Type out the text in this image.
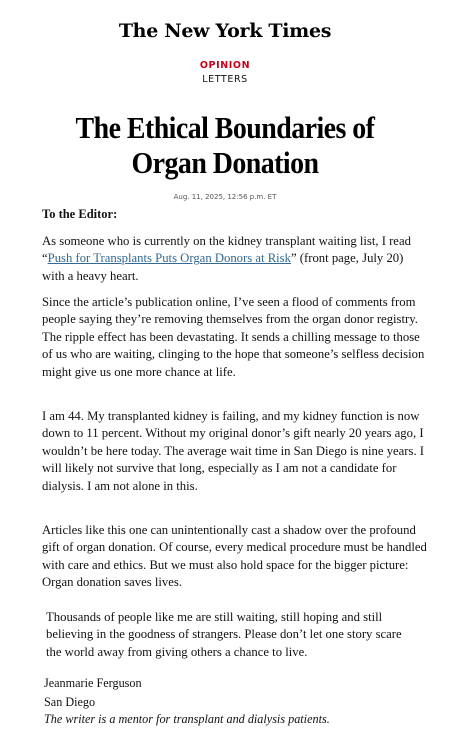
The New York Times
OPINION
LETTERS
The Ethical Boundaries of Organ Donation
Aug. 11, 2025, 12:56 p.m. ET
To the Editor:
As someone who is currently on the kidney transplant waiting list, I read “Push for Transplants Puts Organ Donors at Risk” (front page, July 20) with a heavy heart.
Since the article’s publication online, I’ve seen a flood of comments from people saying they’re removing themselves from the organ donor registry. The ripple effect has been devastating. It sends a chilling message to those of us who are waiting, clinging to the hope that someone’s selfless decision might give us one more chance at life.
I am 44. My transplanted kidney is failing, and my kidney function is now down to 11 percent. Without my original donor’s gift nearly 20 years ago, I wouldn’t be here today. The average wait time in San Diego is nine years. I will likely not survive that long, especially as I am not a candidate for dialysis. I am not alone in this.
Articles like this one can unintentionally cast a shadow over the profound gift of organ donation. Of course, every medical procedure must be handled with care and ethics. But we must also hold space for the bigger picture: Organ donation saves lives.
Thousands of people like me are still waiting, still hoping and still believing in the goodness of strangers. Please don’t let one story scare the world away from giving others a chance to live.
Jeanmarie Ferguson
San Diego
The writer is a mentor for transplant and dialysis patients.
